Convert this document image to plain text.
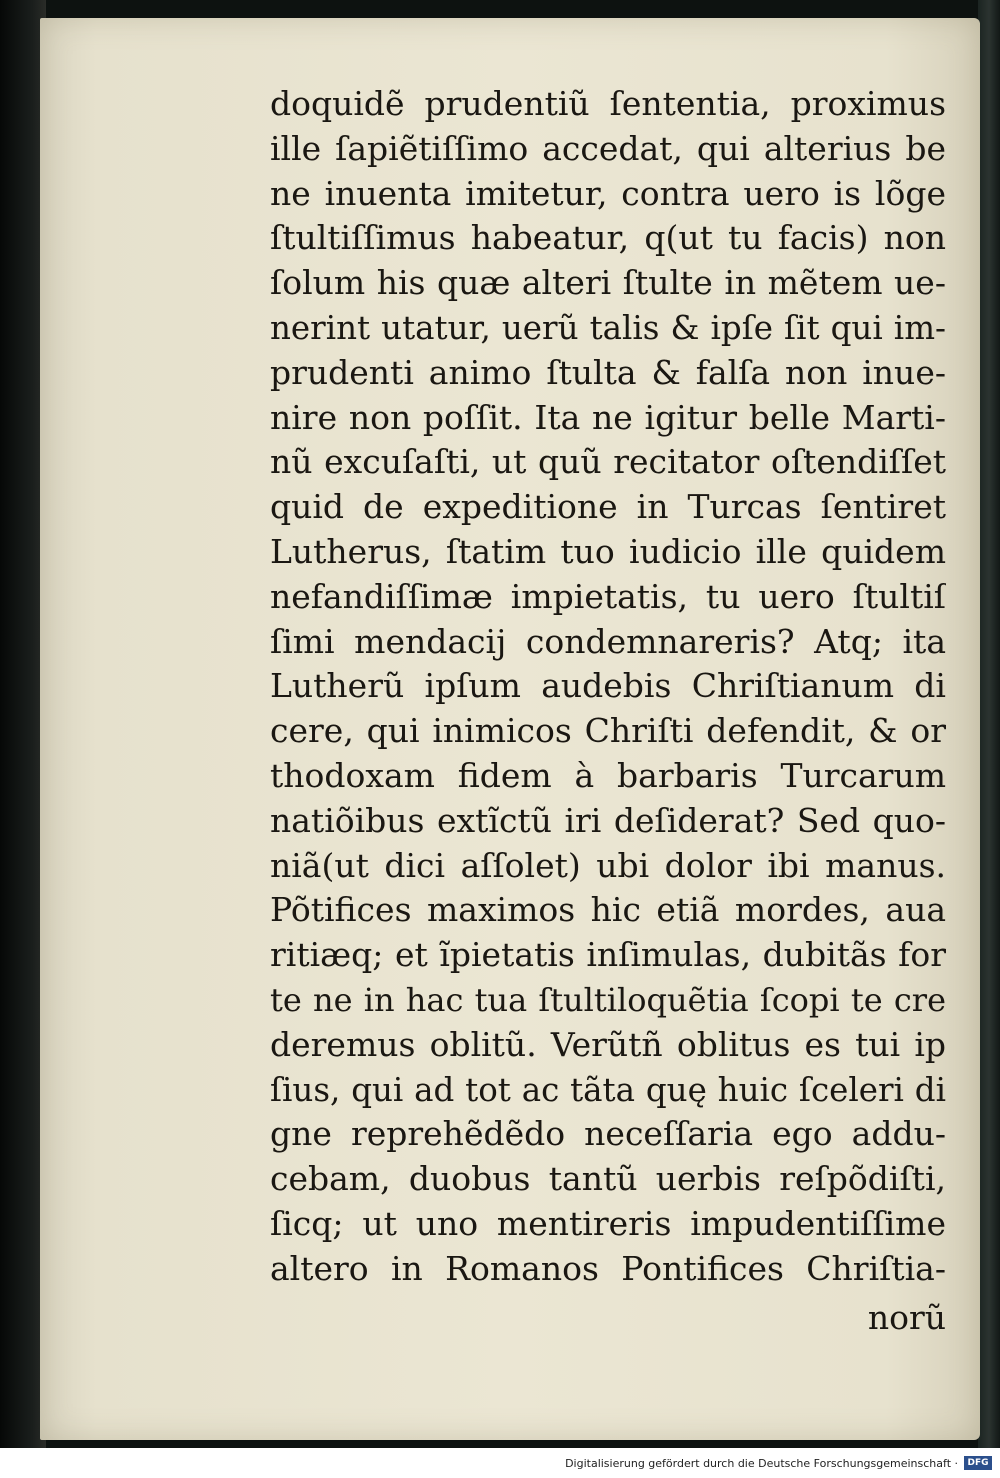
doquidẽ prudentiũ ſententia, proximus
ille ſapiẽtiſſimo accedat, qui alterius be
ne inuenta imitetur, contra uero is lõge
ſtultiſſimus habeatur, q(ut tu facis) non
ſolum his quæ alteri ſtulte in mẽtem ue-
nerint utatur, uerũ talis & ipſe ſit qui im-
prudenti animo ſtulta & falſa non inue-
nire non poſſit. Ita ne igitur belle Marti-
nũ excuſaſti, ut quũ recitator oſtendiſſet
quid de expeditione in Turcas ſentiret
Lutherus, ſtatim tuo iudicio ille quidem
nefandiſſimæ impietatis, tu uero ſtultiſ
ſimi mendacij condemnareris? Atq; ita
Lutherũ ipſum audebis Chriſtianum di
cere, qui inimicos Chriſti defendit, & or
thodoxam fidem à barbaris Turcarum
natiõibus extĩctũ iri deſiderat? Sed quo-
niã(ut dici aſſolet) ubi dolor ibi manus.
Põtifices maximos hic etiã mordes, aua
ritiæq; et ĩpietatis inſimulas, dubitãs for
te ne in hac tua ſtultiloquẽtia ſcopi te cre
deremus oblitũ. Verũtñ oblitus es tui ip
ſius, qui ad tot ac tãta quę huic ſceleri di
gne reprehẽdẽdo neceſſaria ego addu-
cebam, duobus tantũ uerbis reſpõdiſti,
ſicq; ut uno mentireris impudentiſſime
altero in Romanos Pontifices Chriſtia-
norũ
Digitalisierung gefördert durch die Deutsche Forschungsgemeinschaft ·	DFG
